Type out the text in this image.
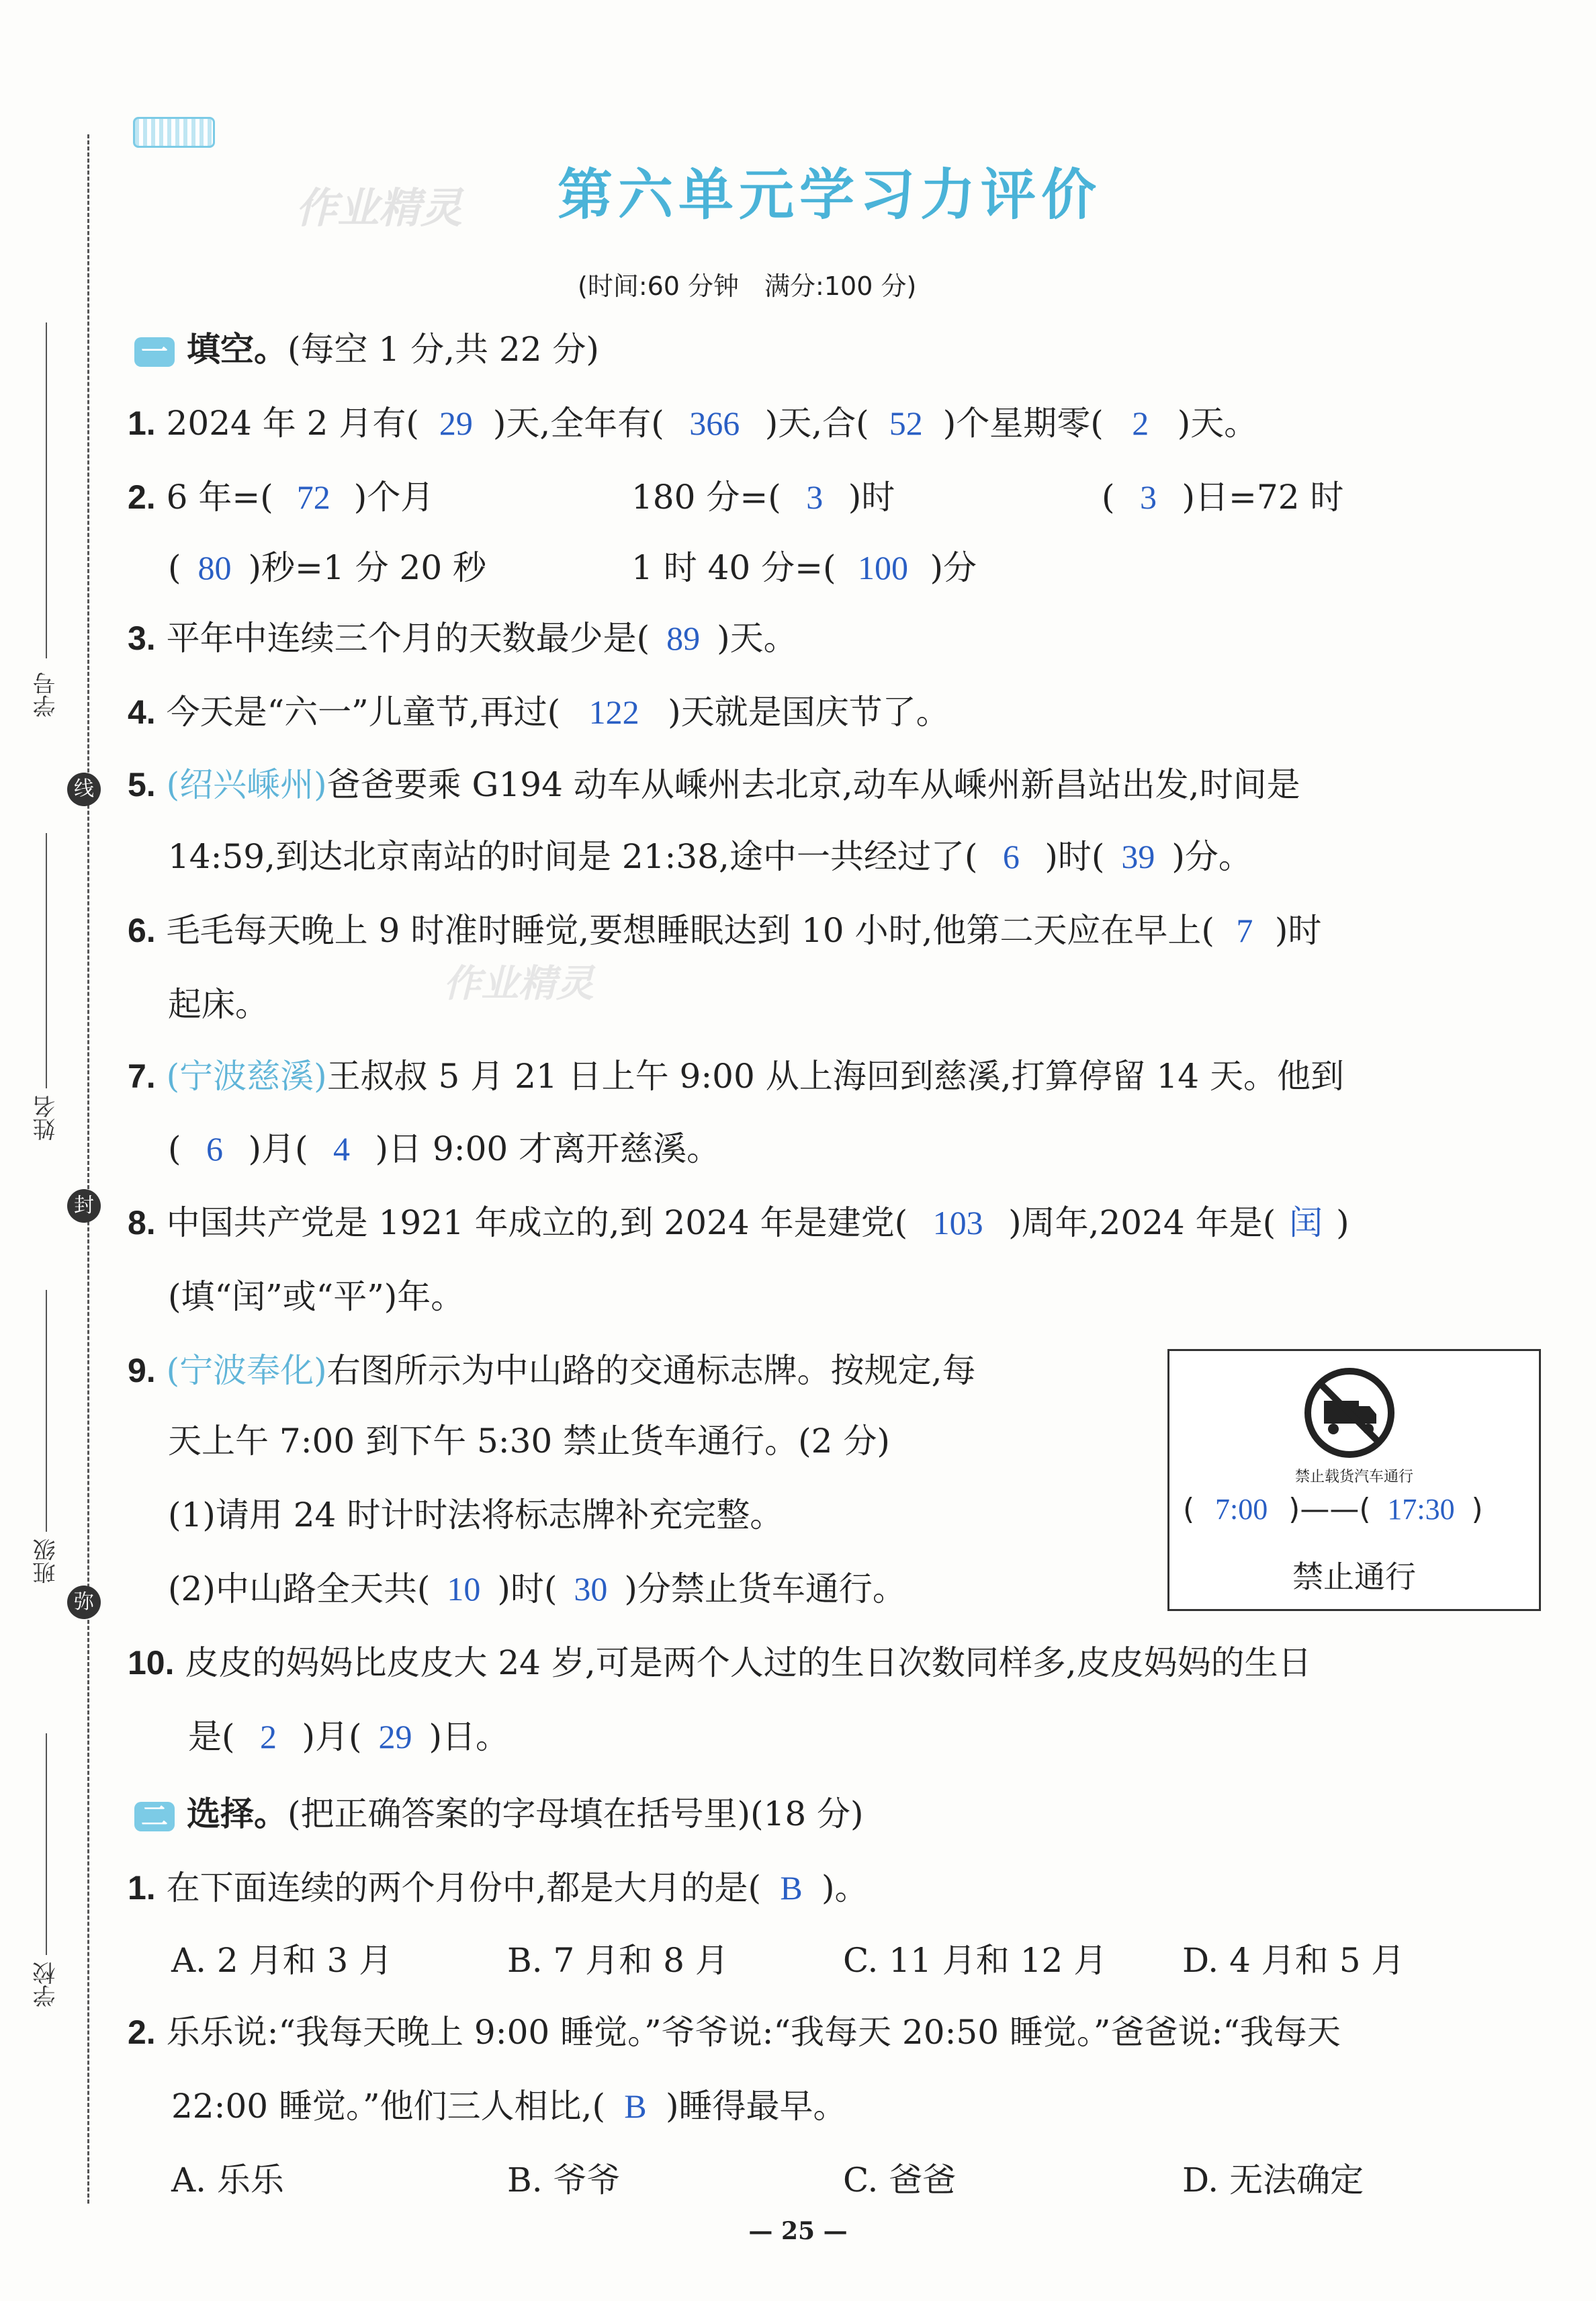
学号
姓名
班级
学校
线
封
弥
作业精灵 第六单元学习力评价
(时间:60 分钟　满分:100 分)
一 填空。(每空 1 分,共 22 分)
1. 2024 年 2 月有( 29 )天,全年有( 366 )天,合( 52 )个星期零( 2 )天。
2. 6 年=( 72 )个月	180 分=( 3 )时	( 3 )日=72 时
( 80 )秒=1 分 20 秒	1 时 40 分=( 100 )分
3. 平年中连续三个月的天数最少是( 89 )天。
4. 今天是“六一”儿童节,再过( 122 )天就是国庆节了。
5. (绍兴嵊州)爸爸要乘 G194 动车从嵊州去北京,动车从嵊州新昌站出发,时间是
14:59,到达北京南站的时间是 21:38,途中一共经过了( 6 )时( 39 )分。
6. 毛毛每天晚上 9 时准时睡觉,要想睡眠达到 10 小时,他第二天应在早上( 7 )时
起床。	作业精灵
7. (宁波慈溪)王叔叔 5 月 21 日上午 9:00 从上海回到慈溪,打算停留 14 天。他到
( 6 )月( 4 )日 9:00 才离开慈溪。
8. 中国共产党是 1921 年成立的,到 2024 年是建党( 103 )周年,2024 年是( 闰 )
(填“闰”或“平”)年。
9. (宁波奉化)右图所示为中山路的交通标志牌。按规定,每
天上午 7:00 到下午 5:30 禁止货车通行。(2 分)
(1)请用 24 时计时法将标志牌补充完整。
(2)中山路全天共( 10 )时( 30 )分禁止货车通行。
禁止载货汽车通行
( 7:00 )——( 17:30 )
禁止通行
10. 皮皮的妈妈比皮皮大 24 岁,可是两个人过的生日次数同样多,皮皮妈妈的生日
是( 2 )月( 29 )日。
二 选择。(把正确答案的字母填在括号里)(18 分)
1. 在下面连续的两个月份中,都是大月的是( B )。
A. 2 月和 3 月	B. 7 月和 8 月	C. 11 月和 12 月 D. 4 月和 5 月
2. 乐乐说:“我每天晚上 9:00 睡觉。”爷爷说:“我每天 20:50 睡觉。”爸爸说:“我每天
22:00 睡觉。”他们三人相比,( B )睡得最早。
A. 乐乐	B. 爷爷	C. 爸爸	D. 无法确定
— 25 —
